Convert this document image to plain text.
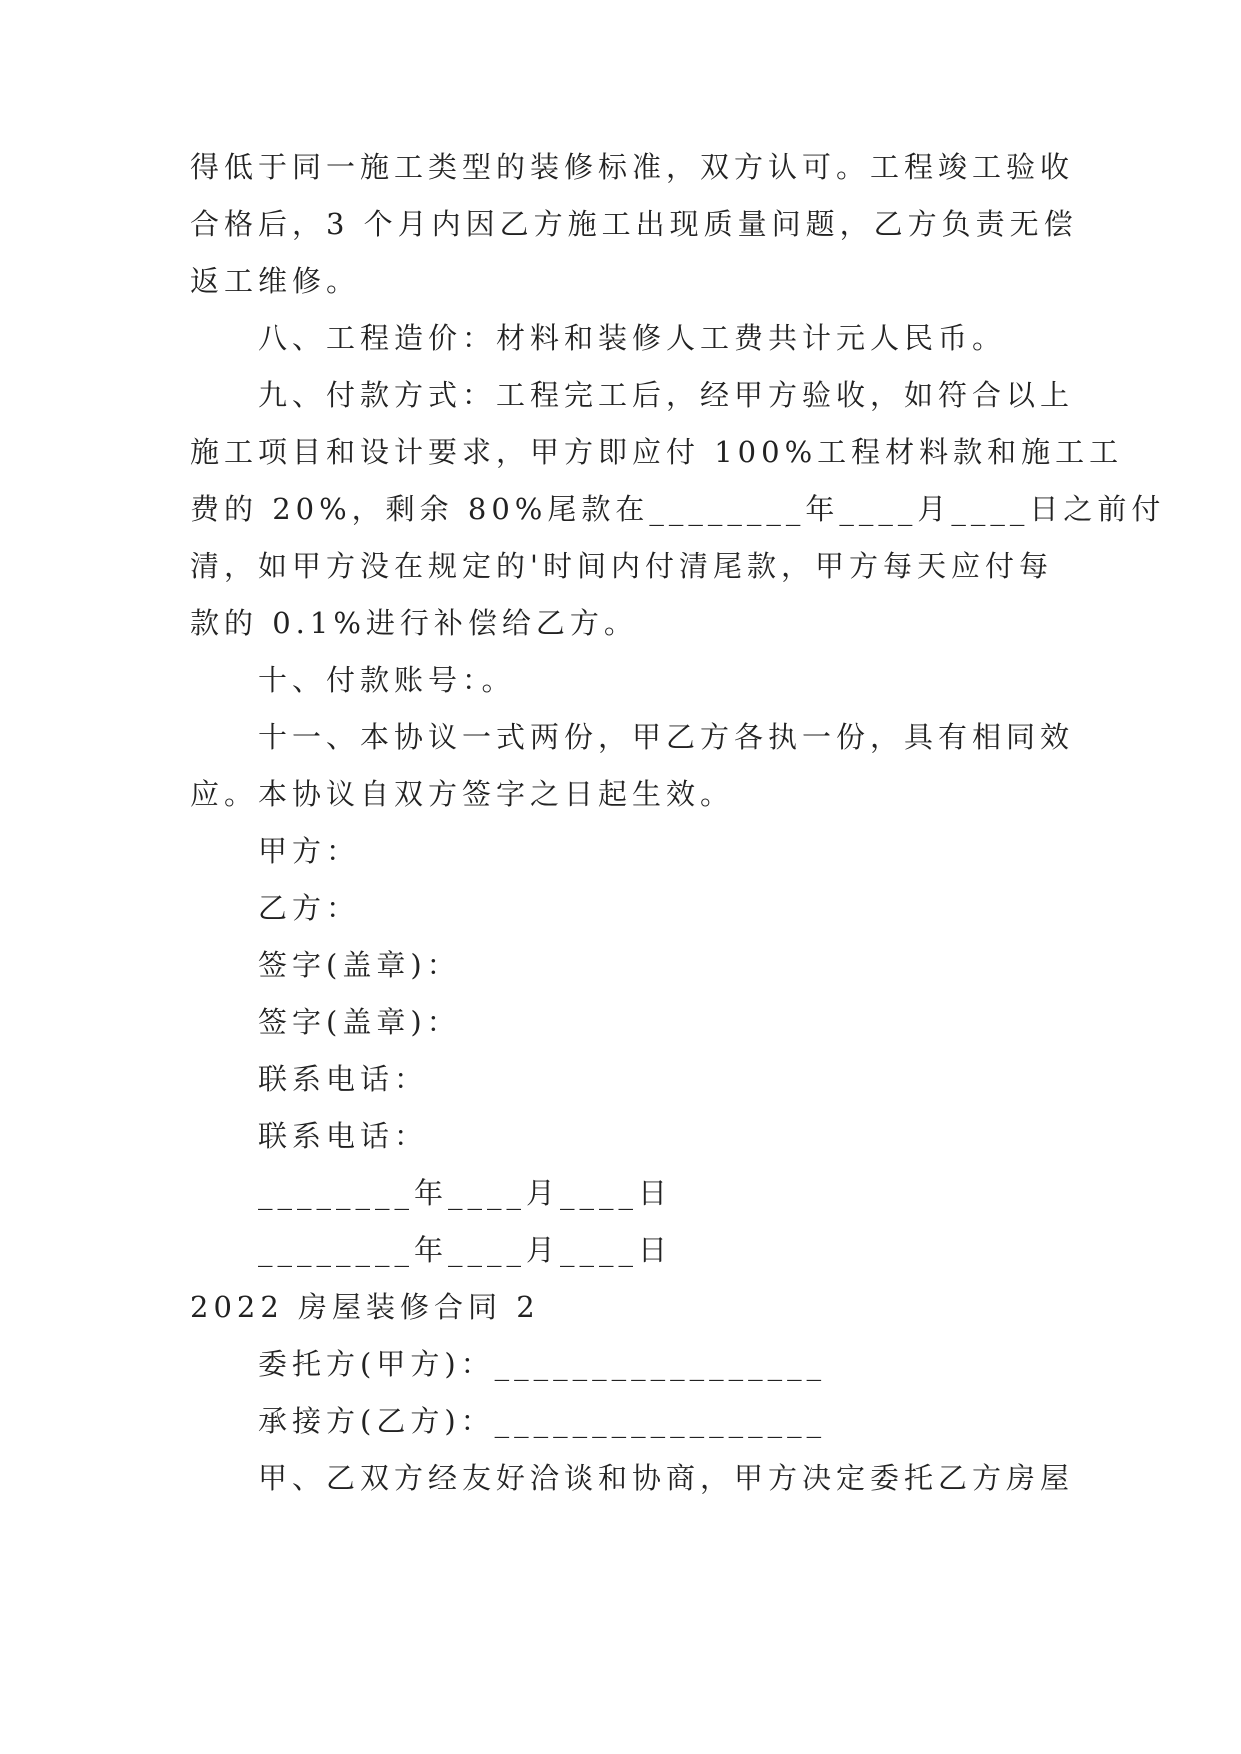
得低于同一施工类型的装修标准，双方认可。工程竣工验收
合格后，3 个月内因乙方施工出现质量问题，乙方负责无偿
返工维修。
八、工程造价：材料和装修人工费共计元人民币。
九、付款方式：工程完工后，经甲方验收，如符合以上
施工项目和设计要求，甲方即应付 100%工程材料款和施工工
费的 20%，剩余 80%尾款在________年____月____日之前付
清，如甲方没在规定的'时间内付清尾款，甲方每天应付每
款的 0.1%进行补偿给乙方。
十、付款账号：。
十一、本协议一式两份，甲乙方各执一份，具有相同效
应。本协议自双方签字之日起生效。
甲方：
乙方：
签字(盖章)：
签字(盖章)：
联系电话：
联系电话：
________年____月____日
________年____月____日
2022 房屋装修合同 2
委托方(甲方)：_________________
承接方(乙方)：_________________
甲、乙双方经友好洽谈和协商，甲方决定委托乙方房屋
